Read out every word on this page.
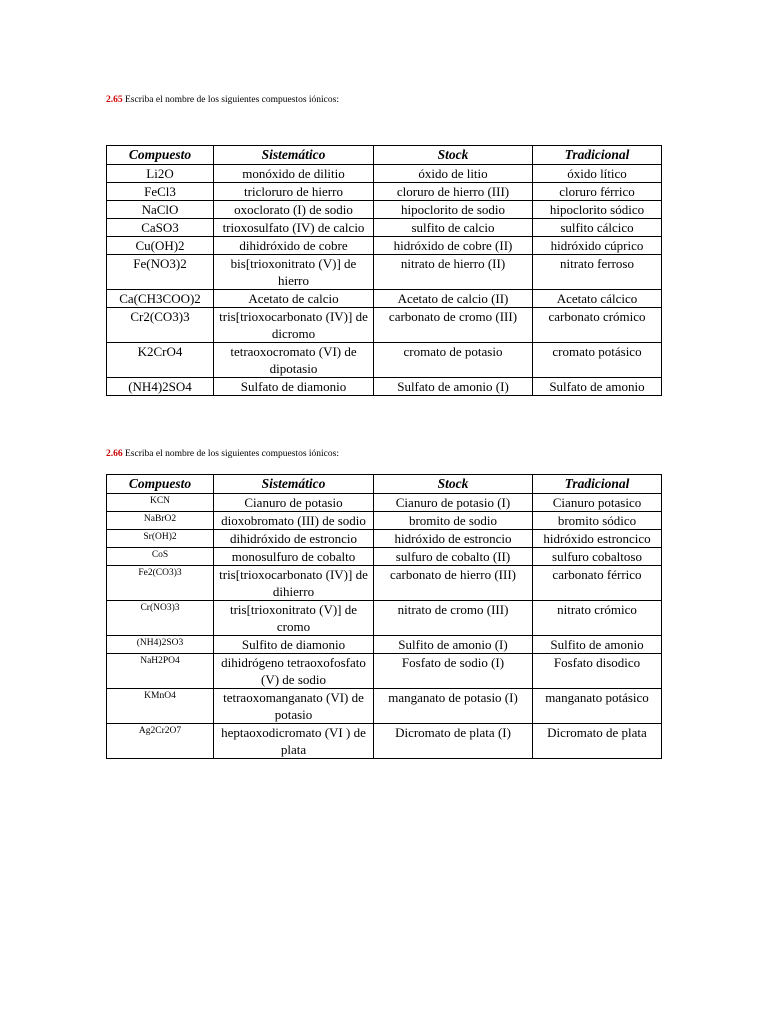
2.65 Escriba el nombre de los siguientes compuestos iónicos:
Compuesto	Sistemático	Stock	Tradicional
Li2O	monóxido de dilitio	óxido de litio	óxido lítico
FeCl3	tricloruro de hierro	cloruro de hierro (III)	cloruro férrico
NaClO	oxoclorato (I) de sodio	hipoclorito de sodio	hipoclorito sódico
CaSO3	trioxosulfato (IV) de calcio	sulfito de calcio	sulfito cálcico
Cu(OH)2	dihidróxido de cobre	hidróxido de cobre (II)	hidróxido cúprico
Fe(NO3)2	bis[trioxonitrato (V)] de hierro	nitrato de hierro (II)	nitrato ferroso
Ca(CH3COO)2	Acetato de calcio	Acetato de calcio (II)	Acetato cálcico
Cr2(CO3)3	tris[trioxocarbonato (IV)] de dicromo	carbonato de cromo (III)	carbonato crómico
K2CrO4	tetraoxocromato (VI) de dipotasio	cromato de potasio	cromato potásico
(NH4)2SO4	Sulfato de diamonio	Sulfato de amonio (I)	Sulfato de amonio
2.66 Escriba el nombre de los siguientes compuestos iónicos:
Compuesto	Sistemático	Stock	Tradicional
KCN	Cianuro de potasio	Cianuro de potasio (I)	Cianuro potasico
NaBrO2	dioxobromato (III) de sodio	bromito de sodio	bromito sódico
Sr(OH)2	dihidróxido de estroncio	hidróxido de estroncio	hidróxido estroncico
CoS	monosulfuro de cobalto	sulfuro de cobalto (II)	sulfuro cobaltoso
Fe2(CO3)3	tris[trioxocarbonato (IV)] de dihierro	carbonato de hierro (III)	carbonato férrico
Cr(NO3)3	tris[trioxonitrato (V)] de cromo	nitrato de cromo (III)	nitrato crómico
(NH4)2SO3	Sulfito de diamonio	Sulfito de amonio (I)	Sulfito de amonio
NaH2PO4	dihidrógeno tetraoxofosfato (V) de sodio	Fosfato de sodio (I)	Fosfato disodico
KMnO4	tetraoxomanganato (VI) de potasio	manganato de potasio (I)	manganato potásico
Ag2Cr2O7	heptaoxodicromato (VI ) de plata	Dicromato de plata (I)	Dicromato de plata
